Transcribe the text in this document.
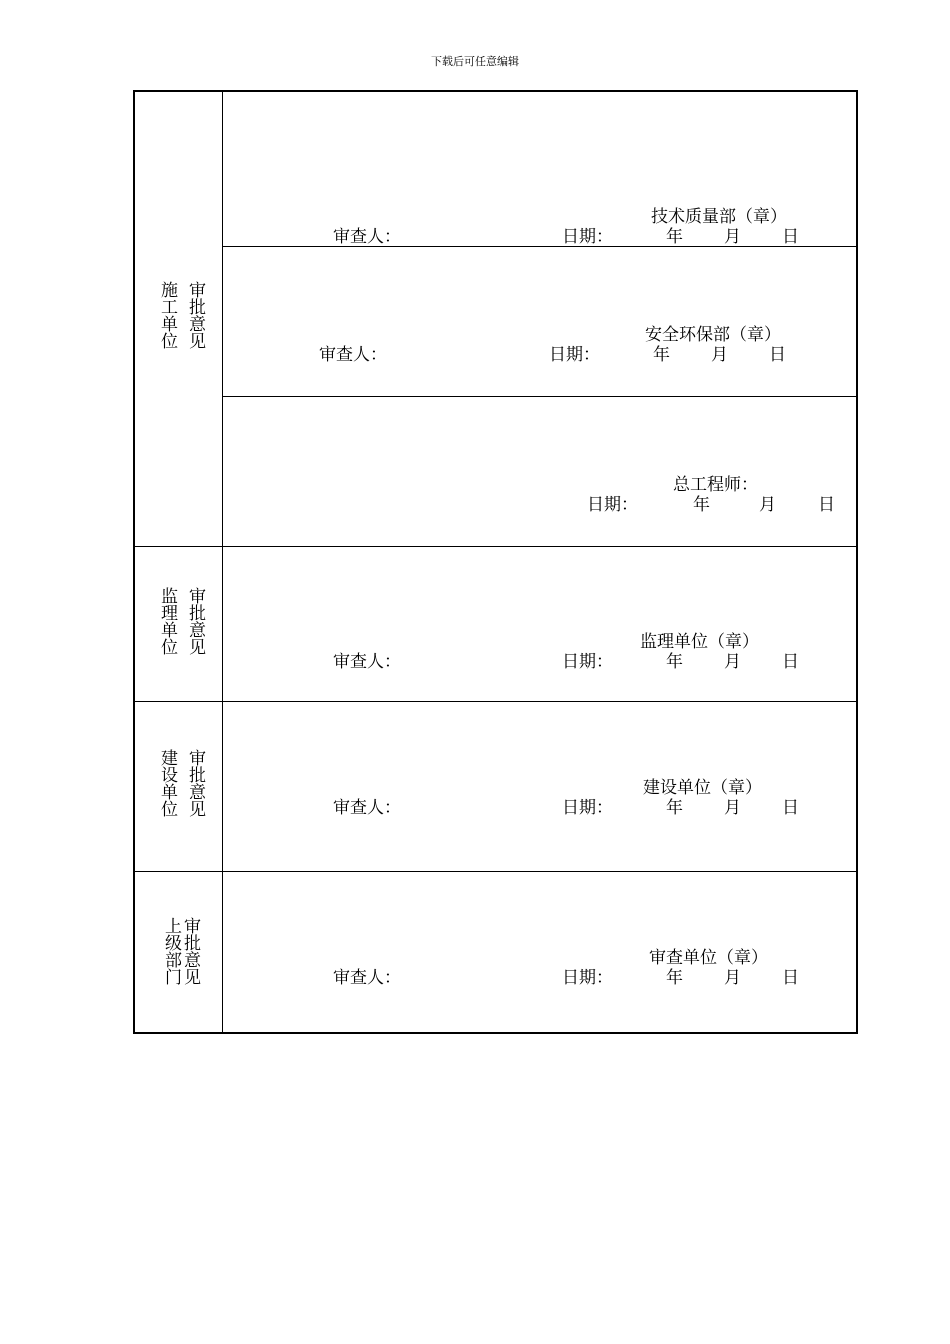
下载后可任意编辑
施工单位 审批意见
技术质量部（章）
审查人：	日期：	年 月 日
安全环保部（章）
审查人：	日期：	年 月 日
总工程师：
日期：	年	月 日
监理单位 审批意见	监理单位（章）
审查人：	日期：	年 月 日
建设单位 审批意见	建设单位（章）
审查人：	日期：	年 月 日
上级部门 审批意见	审查单位（章）
审查人：	日期：	年 月 日
